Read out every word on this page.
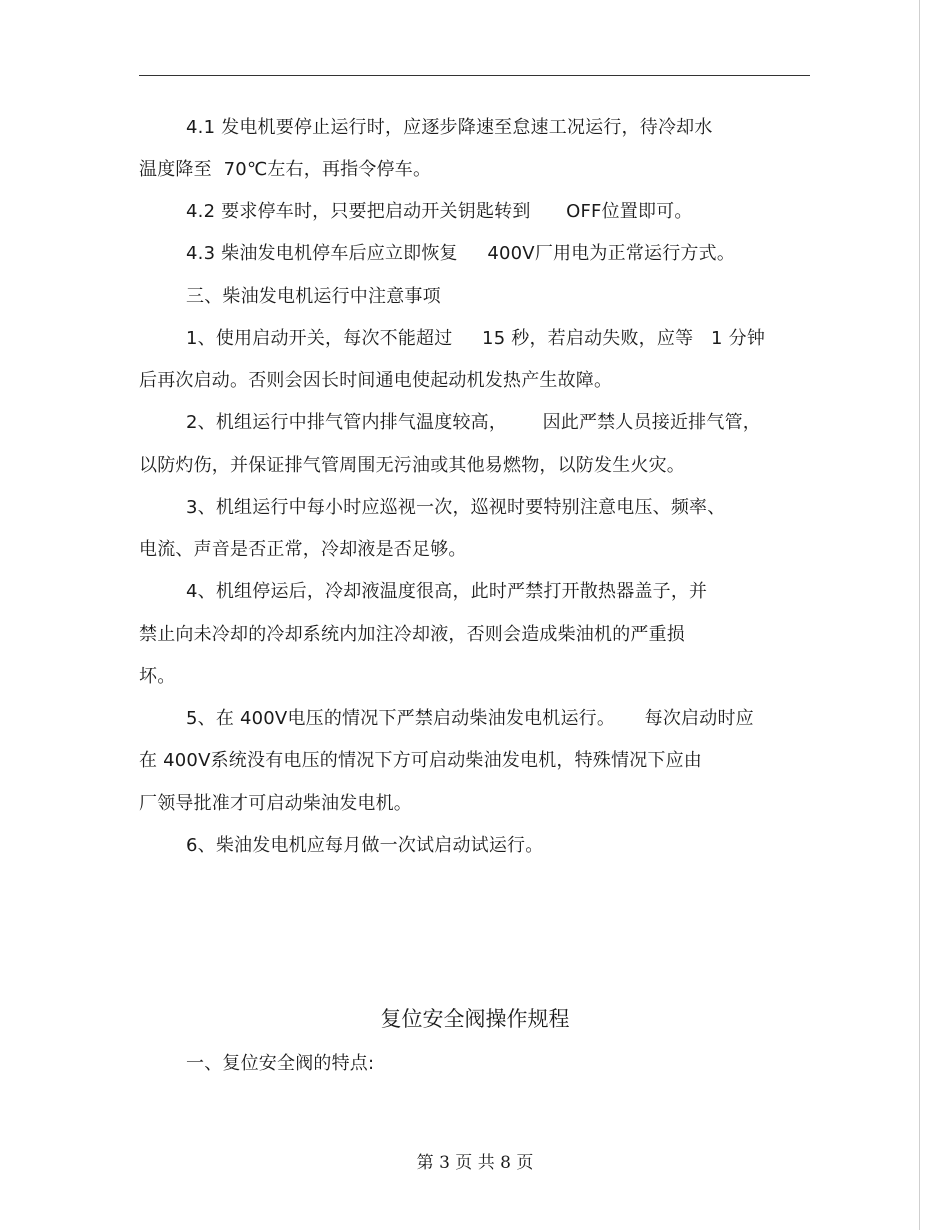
4.1 发电机要停止运行时，应逐步降速至怠速工况运行，待冷却水
温度降至  70℃左右，再指令停车。
4.2 要求停车时，只要把启动开关钥匙转到      OFF位置即可。
4.3 柴油发电机停车后应立即恢复     400V厂用电为正常运行方式。
三、柴油发电机运行中注意事项
1、使用启动开关，每次不能超过     15 秒，若启动失败，应等   1 分钟
后再次启动。否则会因长时间通电使起动机发热产生故障。
2、机组运行中排气管内排气温度较高，      因此严禁人员接近排气管，
以防灼伤，并保证排气管周围无污油或其他易燃物，以防发生火灾。
3、机组运行中每小时应巡视一次，巡视时要特别注意电压、频率、
电流、声音是否正常，冷却液是否足够。
4、机组停运后，冷却液温度很高，此时严禁打开散热器盖子，并
禁止向未冷却的冷却系统内加注冷却液，否则会造成柴油机的严重损
坏。
5、在 400V电压的情况下严禁启动柴油发电机运行。     每次启动时应
在 400V系统没有电压的情况下方可启动柴油发电机，特殊情况下应由
厂领导批准才可启动柴油发电机。
6、柴油发电机应每月做一次试启动试运行。
复位安全阀操作规程
一、复位安全阀的特点:
第 3 页 共 8 页
